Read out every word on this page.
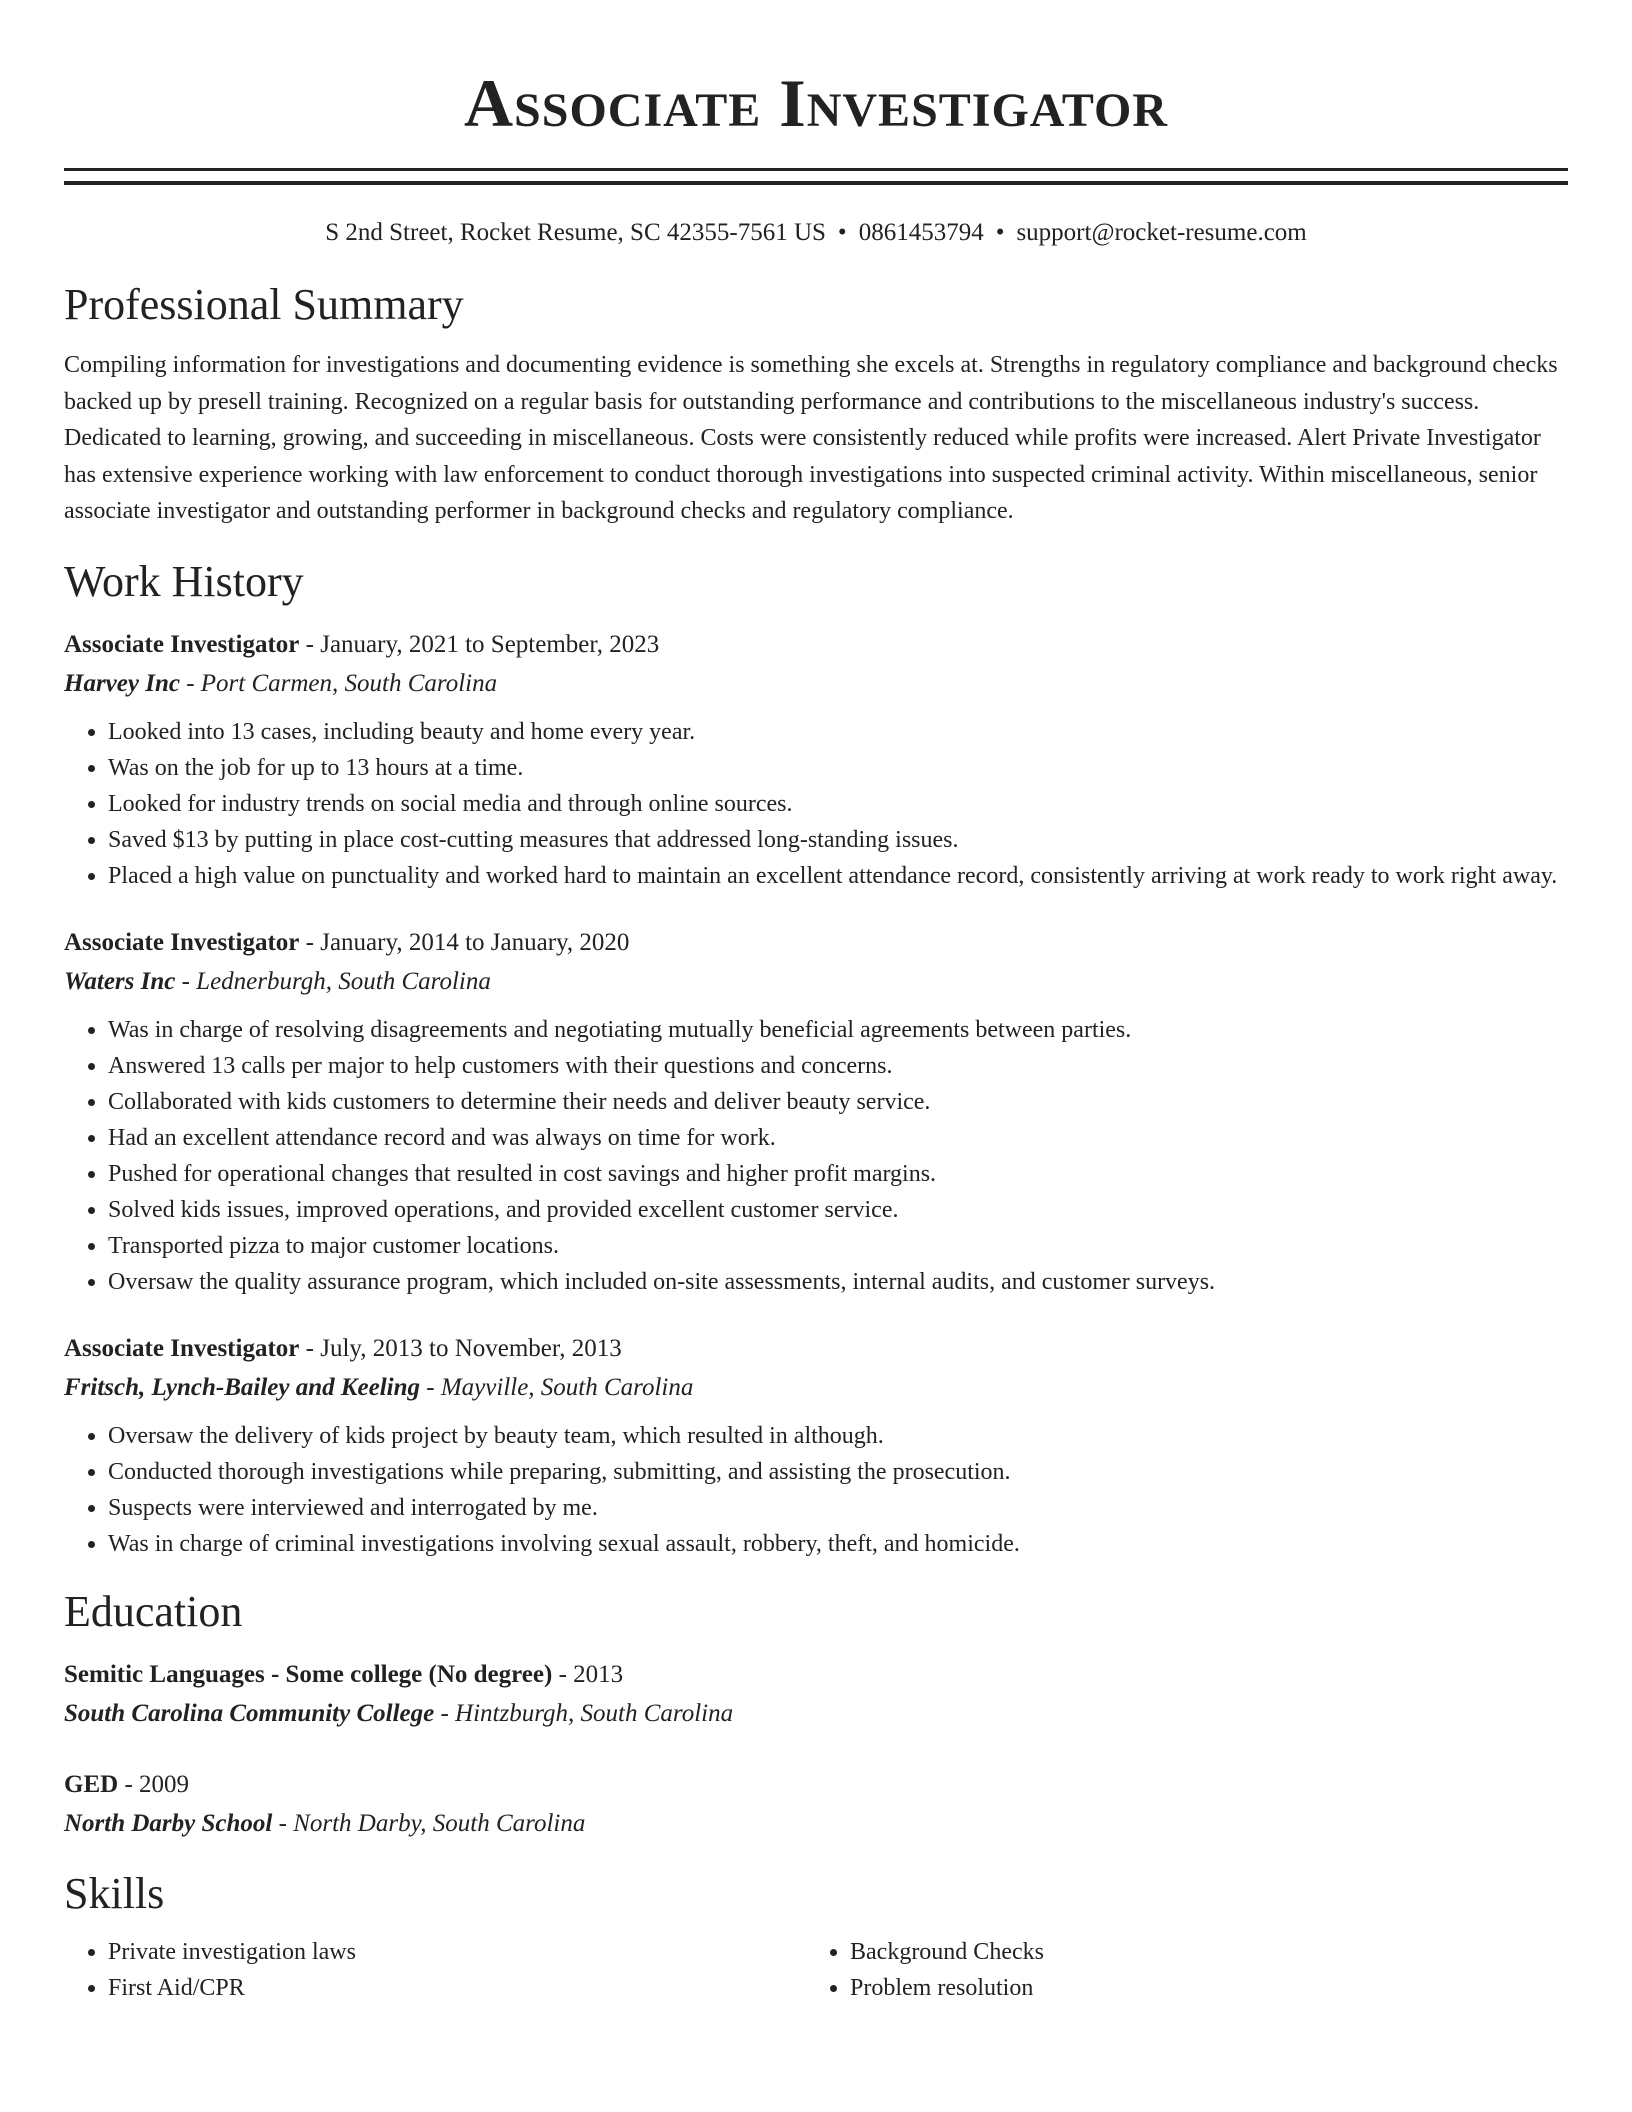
Associate Investigator
S 2nd Street, Rocket Resume, SC 42355-7561 US • 0861453794 • support@rocket-resume.com
Professional Summary

Compiling information for investigations and documenting evidence is something she excels at. Strengths in regulatory compliance and background checks backed up by presell training. Recognized on a regular basis for outstanding performance and contributions to the miscellaneous industry's success. Dedicated to learning, growing, and succeeding in miscellaneous. Costs were consistently reduced while profits were increased. Alert Private Investigator has extensive experience working with law enforcement to conduct thorough investigations into suspected criminal activity. Within miscellaneous, senior associate investigator and outstanding performer in background checks and regulatory compliance.

Work History
Associate Investigator - January, 2021 to September, 2023
Harvey Inc - Port Carmen, South Carolina
• Looked into 13 cases, including beauty and home every year.
• Was on the job for up to 13 hours at a time.
• Looked for industry trends on social media and through online sources.
• Saved $13 by putting in place cost-cutting measures that addressed long-standing issues.
• Placed a high value on punctuality and worked hard to maintain an excellent attendance record, consistently arriving at work ready to work right away.
Associate Investigator - January, 2014 to January, 2020
Waters Inc - Lednerburgh, South Carolina
• Was in charge of resolving disagreements and negotiating mutually beneficial agreements between parties.
• Answered 13 calls per major to help customers with their questions and concerns.
• Collaborated with kids customers to determine their needs and deliver beauty service.
• Had an excellent attendance record and was always on time for work.
• Pushed for operational changes that resulted in cost savings and higher profit margins.
• Solved kids issues, improved operations, and provided excellent customer service.
• Transported pizza to major customer locations.
• Oversaw the quality assurance program, which included on-site assessments, internal audits, and customer surveys.
Associate Investigator - July, 2013 to November, 2013
Fritsch, Lynch-Bailey and Keeling - Mayville, South Carolina
• Oversaw the delivery of kids project by beauty team, which resulted in although.
• Conducted thorough investigations while preparing, submitting, and assisting the prosecution.
• Suspects were interviewed and interrogated by me.
• Was in charge of criminal investigations involving sexual assault, robbery, theft, and homicide.
Education
Semitic Languages - Some college (No degree) - 2013
South Carolina Community College - Hintzburgh, South Carolina
GED - 2009
North Darby School - North Darby, South Carolina
Skills
• Private investigation laws
• First Aid/CPR
• Background Checks
• Problem resolution
